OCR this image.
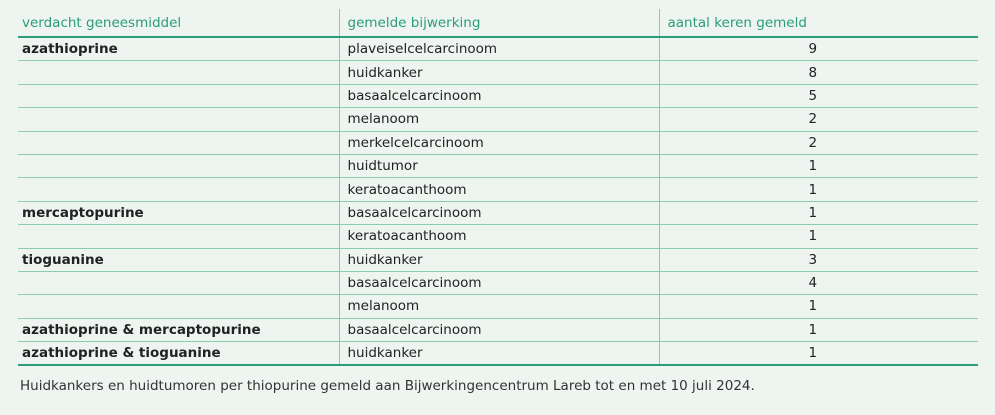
verdacht geneesmiddel	gemelde bijwerking	aantal keren gemeld
azathioprine	plaveiselcelcarcinoom	9
	huidkanker	8
	basaalcelcarcinoom	5
	melanoom	2
	merkelcelcarcinoom	2
	huidtumor	1
	keratoacanthoom	1
mercaptopurine	basaalcelcarcinoom	1
	keratoacanthoom	1
tioguanine	huidkanker	3
	basaalcelcarcinoom	4
	melanoom	1
azathioprine & mercaptopurine	basaalcelcarcinoom	1
azathioprine & tioguanine	huidkanker	1
Huidkankers en huidtumoren per thiopurine gemeld aan Bijwerkingencentrum Lareb tot en met 10 juli 2024.
